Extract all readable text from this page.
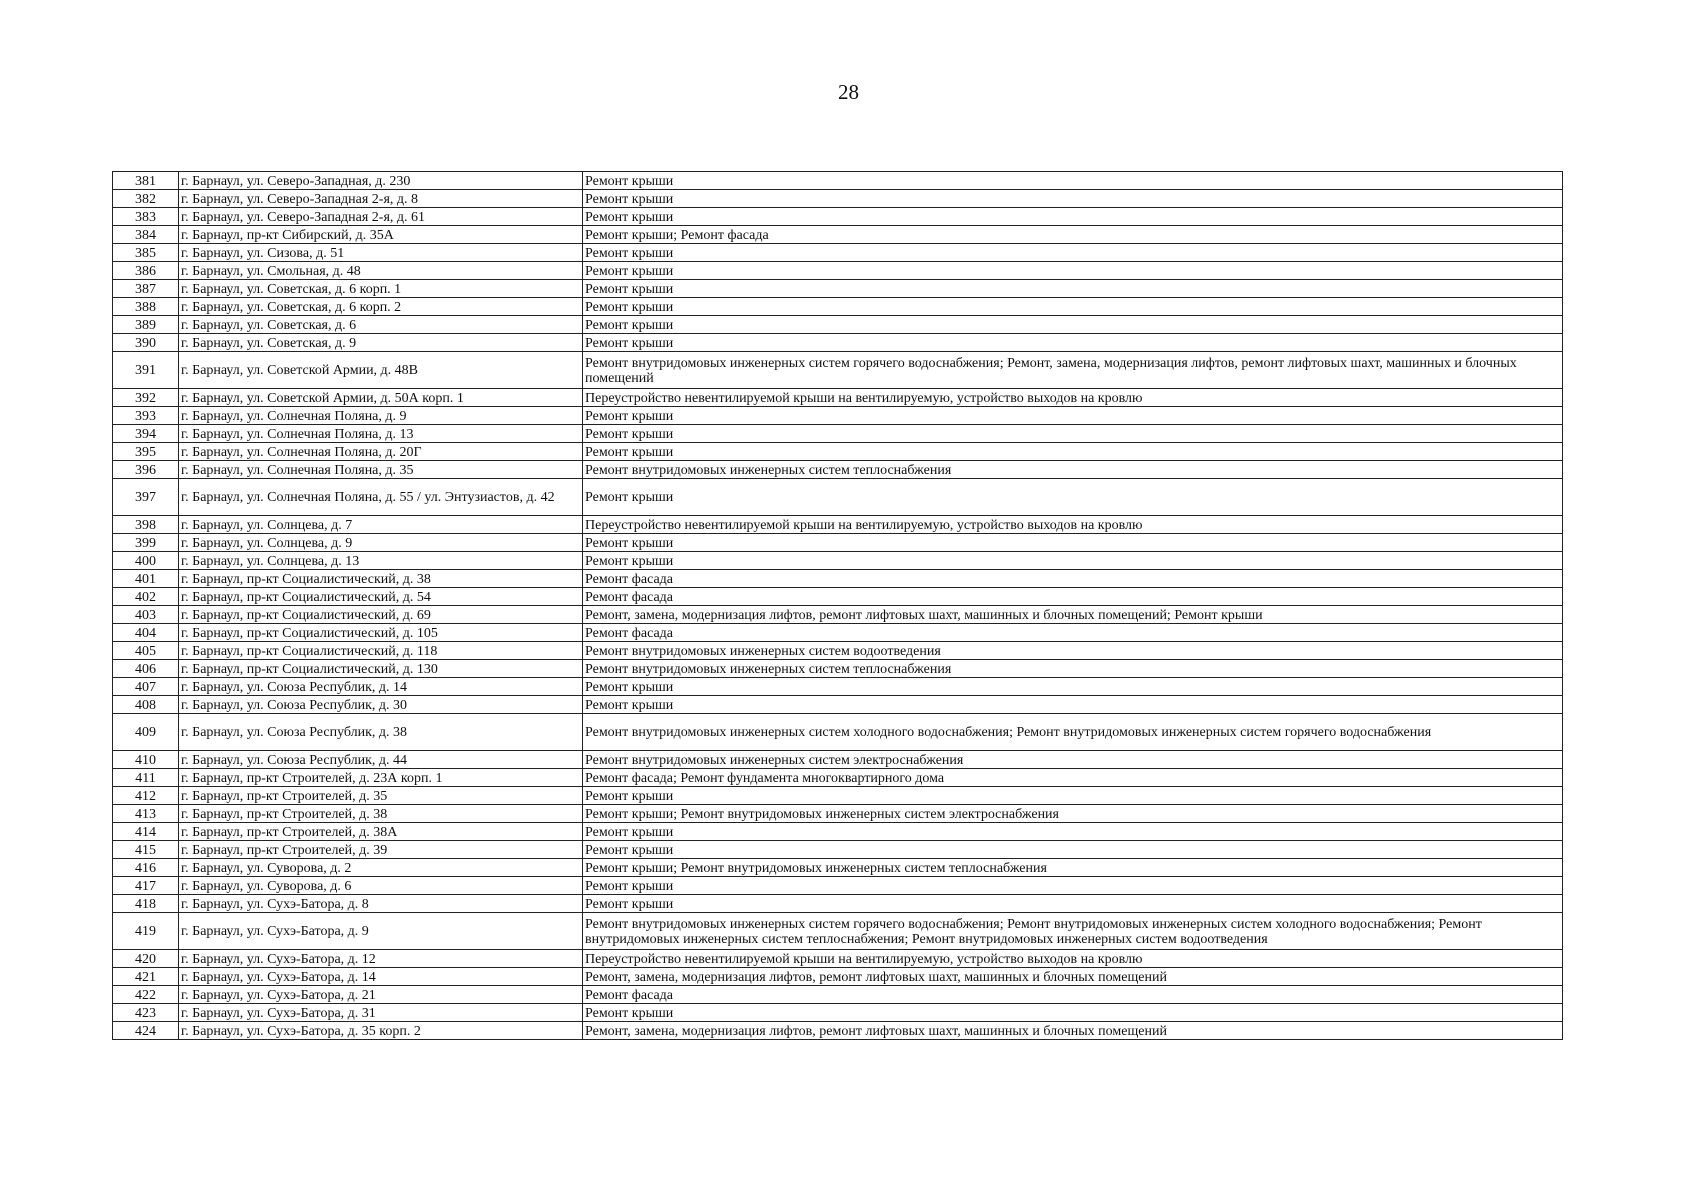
28
381	г. Барнаул, ул. Северо-Западная, д. 230	Ремонт крыши
382	г. Барнаул, ул. Северо-Западная 2-я, д. 8	Ремонт крыши
383	г. Барнаул, ул. Северо-Западная 2-я, д. 61	Ремонт крыши
384	г. Барнаул, пр-кт Сибирский, д. 35А	Ремонт крыши; Ремонт фасада
385	г. Барнаул, ул. Сизова, д. 51	Ремонт крыши
386	г. Барнаул, ул. Смольная, д. 48	Ремонт крыши
387	г. Барнаул, ул. Советская, д. 6 корп. 1	Ремонт крыши
388	г. Барнаул, ул. Советская, д. 6 корп. 2	Ремонт крыши
389	г. Барнаул, ул. Советская, д. 6	Ремонт крыши
390	г. Барнаул, ул. Советская, д. 9	Ремонт крыши
391	г. Барнаул, ул. Советской Армии, д. 48В	Ремонт внутридомовых инженерных систем горячего водоснабжения; Ремонт, замена, модернизация лифтов, ремонт лифтовых шахт, машинных и блочных помещений
392	г. Барнаул, ул. Советской Армии, д. 50А корп. 1	Переустройство невентилируемой крыши на вентилируемую, устройство выходов на кровлю
393	г. Барнаул, ул. Солнечная Поляна, д. 9	Ремонт крыши
394	г. Барнаул, ул. Солнечная Поляна, д. 13	Ремонт крыши
395	г. Барнаул, ул. Солнечная Поляна, д. 20Г	Ремонт крыши
396	г. Барнаул, ул. Солнечная Поляна, д. 35	Ремонт внутридомовых инженерных систем теплоснабжения
397	г. Барнаул, ул. Солнечная Поляна, д. 55 / ул. Энтузиастов, д. 42	Ремонт крыши
398	г. Барнаул, ул. Солнцева, д. 7	Переустройство невентилируемой крыши на вентилируемую, устройство выходов на кровлю
399	г. Барнаул, ул. Солнцева, д. 9	Ремонт крыши
400	г. Барнаул, ул. Солнцева, д. 13	Ремонт крыши
401	г. Барнаул, пр-кт Социалистический, д. 38	Ремонт фасада
402	г. Барнаул, пр-кт Социалистический, д. 54	Ремонт фасада
403	г. Барнаул, пр-кт Социалистический, д. 69	Ремонт, замена, модернизация лифтов, ремонт лифтовых шахт, машинных и блочных помещений; Ремонт крыши
404	г. Барнаул, пр-кт Социалистический, д. 105	Ремонт фасада
405	г. Барнаул, пр-кт Социалистический, д. 118	Ремонт внутридомовых инженерных систем водоотведения
406	г. Барнаул, пр-кт Социалистический, д. 130	Ремонт внутридомовых инженерных систем теплоснабжения
407	г. Барнаул, ул. Союза Республик, д. 14	Ремонт крыши
408	г. Барнаул, ул. Союза Республик, д. 30	Ремонт крыши
409	г. Барнаул, ул. Союза Республик, д. 38	Ремонт внутридомовых инженерных систем холодного водоснабжения; Ремонт внутридомовых инженерных систем горячего водоснабжения
410	г. Барнаул, ул. Союза Республик, д. 44	Ремонт внутридомовых инженерных систем электроснабжения
411	г. Барнаул, пр-кт Строителей, д. 23А корп. 1	Ремонт фасада; Ремонт фундамента многоквартирного дома
412	г. Барнаул, пр-кт Строителей, д. 35	Ремонт крыши
413	г. Барнаул, пр-кт Строителей, д. 38	Ремонт крыши; Ремонт внутридомовых инженерных систем электроснабжения
414	г. Барнаул, пр-кт Строителей, д. 38А	Ремонт крыши
415	г. Барнаул, пр-кт Строителей, д. 39	Ремонт крыши
416	г. Барнаул, ул. Суворова, д. 2	Ремонт крыши; Ремонт внутридомовых инженерных систем теплоснабжения
417	г. Барнаул, ул. Суворова, д. 6	Ремонт крыши
418	г. Барнаул, ул. Сухэ-Батора, д. 8	Ремонт крыши
419	г. Барнаул, ул. Сухэ-Батора, д. 9	Ремонт внутридомовых инженерных систем горячего водоснабжения; Ремонт внутридомовых инженерных систем холодного водоснабжения; Ремонт внутридомовых инженерных систем теплоснабжения; Ремонт внутридомовых инженерных систем водоотведения
420	г. Барнаул, ул. Сухэ-Батора, д. 12	Переустройство невентилируемой крыши на вентилируемую, устройство выходов на кровлю
421	г. Барнаул, ул. Сухэ-Батора, д. 14	Ремонт, замена, модернизация лифтов, ремонт лифтовых шахт, машинных и блочных помещений
422	г. Барнаул, ул. Сухэ-Батора, д. 21	Ремонт фасада
423	г. Барнаул, ул. Сухэ-Батора, д. 31	Ремонт крыши
424	г. Барнаул, ул. Сухэ-Батора, д. 35 корп. 2	Ремонт, замена, модернизация лифтов, ремонт лифтовых шахт, машинных и блочных помещений
